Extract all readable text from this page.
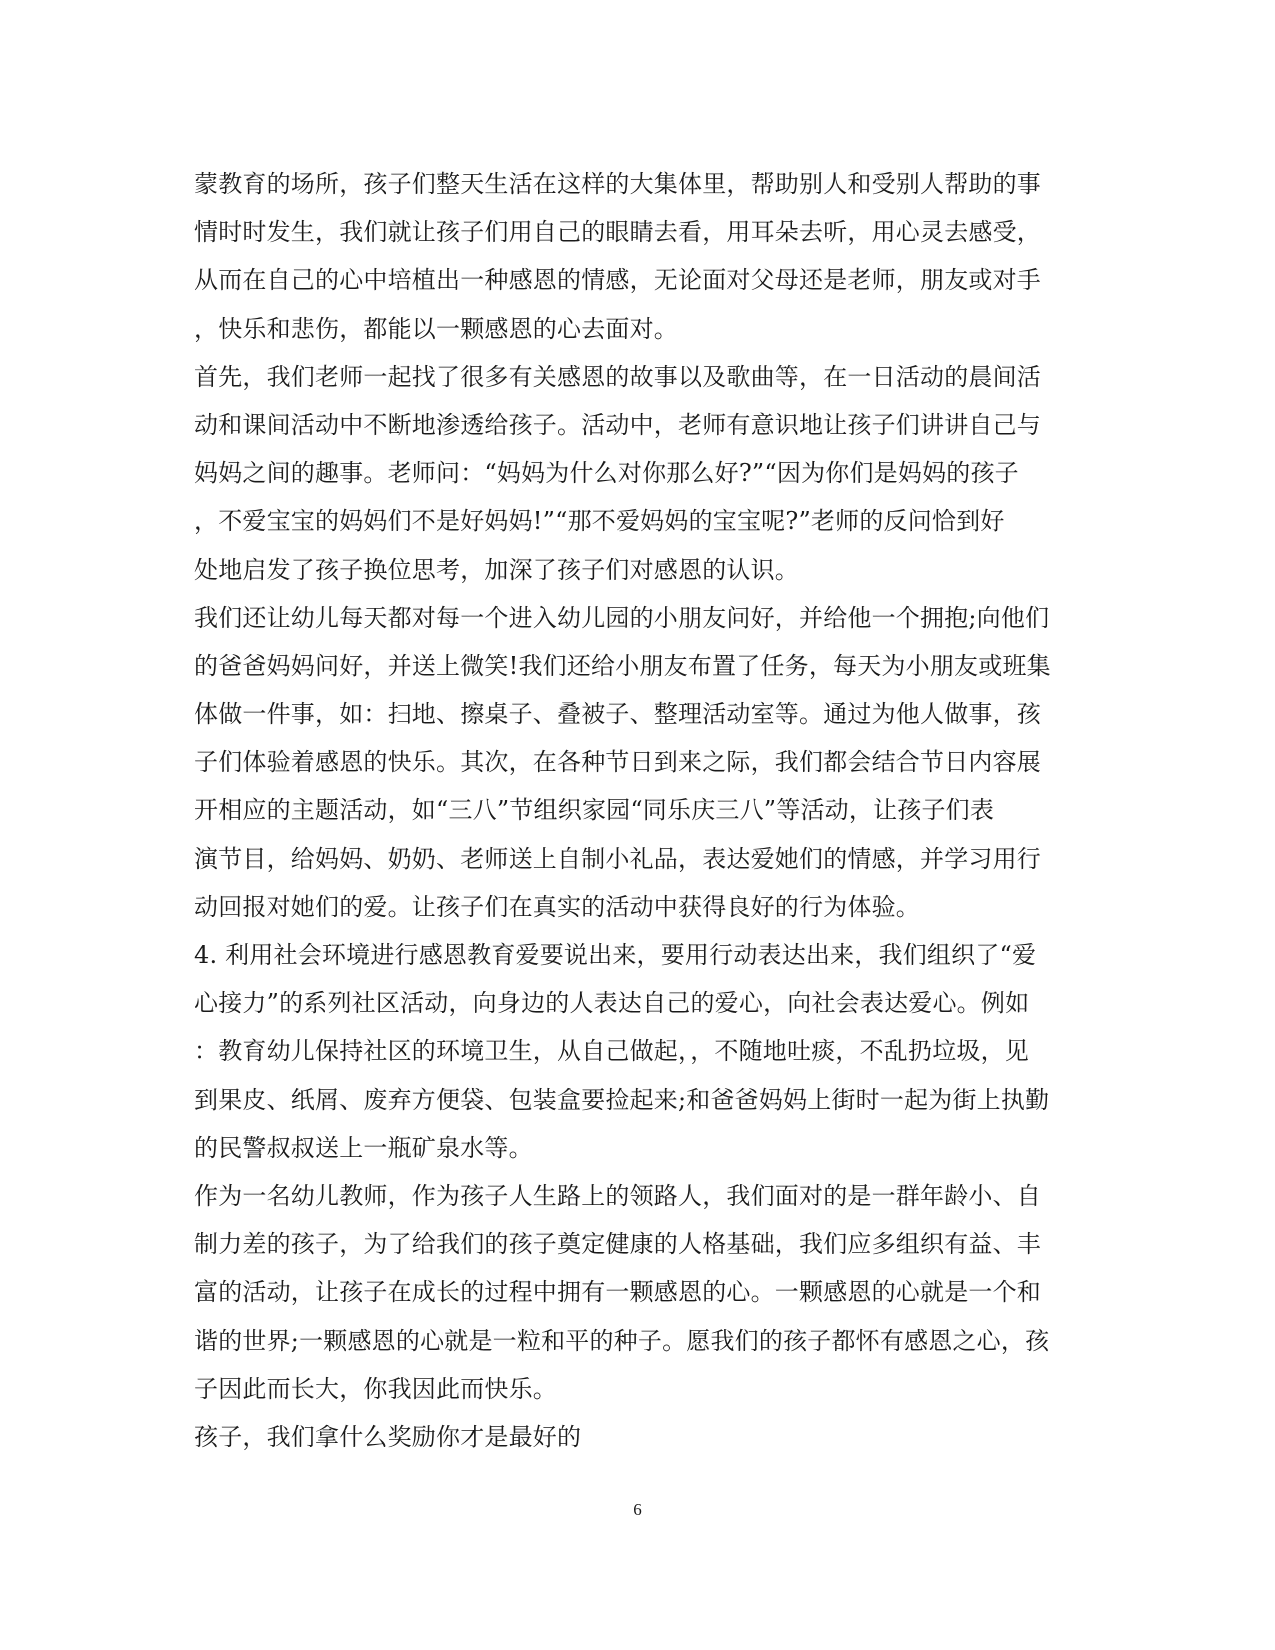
蒙教育的场所，孩子们整天生活在这样的大集体里，帮助别人和受别人帮助的事
情时时发生，我们就让孩子们用自己的眼睛去看，用耳朵去听，用心灵去感受，
从而在自己的心中培植出一种感恩的情感，无论面对父母还是老师，朋友或对手
，快乐和悲伤，都能以一颗感恩的心去面对。
首先，我们老师一起找了很多有关感恩的故事以及歌曲等，在一日活动的晨间活
动和课间活动中不断地渗透给孩子。活动中，老师有意识地让孩子们讲讲自己与
妈妈之间的趣事。老师问：“妈妈为什么对你那么好?”“因为你们是妈妈的孩子
，不爱宝宝的妈妈们不是好妈妈!”“那不爱妈妈的宝宝呢?”老师的反问恰到好
处地启发了孩子换位思考，加深了孩子们对感恩的认识。
我们还让幼儿每天都对每一个进入幼儿园的小朋友问好，并给他一个拥抱;向他们
的爸爸妈妈问好，并送上微笑!我们还给小朋友布置了任务，每天为小朋友或班集
体做一件事，如：扫地、擦桌子、叠被子、整理活动室等。通过为他人做事，孩
子们体验着感恩的快乐。其次，在各种节日到来之际，我们都会结合节日内容展
开相应的主题活动，如“三八”节组织家园“同乐庆三八”等活动，让孩子们表
演节目，给妈妈、奶奶、老师送上自制小礼品，表达爱她们的情感，并学习用行
动回报对她们的爱。让孩子们在真实的活动中获得良好的行为体验。
4. 利用社会环境进行感恩教育爱要说出来，要用行动表达出来，我们组织了“爱
心接力”的系列社区活动，向身边的人表达自己的爱心，向社会表达爱心。例如
：教育幼儿保持社区的环境卫生，从自己做起，，不随地吐痰，不乱扔垃圾，见
到果皮、纸屑、废弃方便袋、包装盒要捡起来;和爸爸妈妈上街时一起为街上执勤
的民警叔叔送上一瓶矿泉水等。
作为一名幼儿教师，作为孩子人生路上的领路人，我们面对的是一群年龄小、自
制力差的孩子，为了给我们的孩子奠定健康的人格基础，我们应多组织有益、丰
富的活动，让孩子在成长的过程中拥有一颗感恩的心。一颗感恩的心就是一个和
谐的世界;一颗感恩的心就是一粒和平的种子。愿我们的孩子都怀有感恩之心，孩
子因此而长大，你我因此而快乐。
孩子，我们拿什么奖励你才是最好的
6
